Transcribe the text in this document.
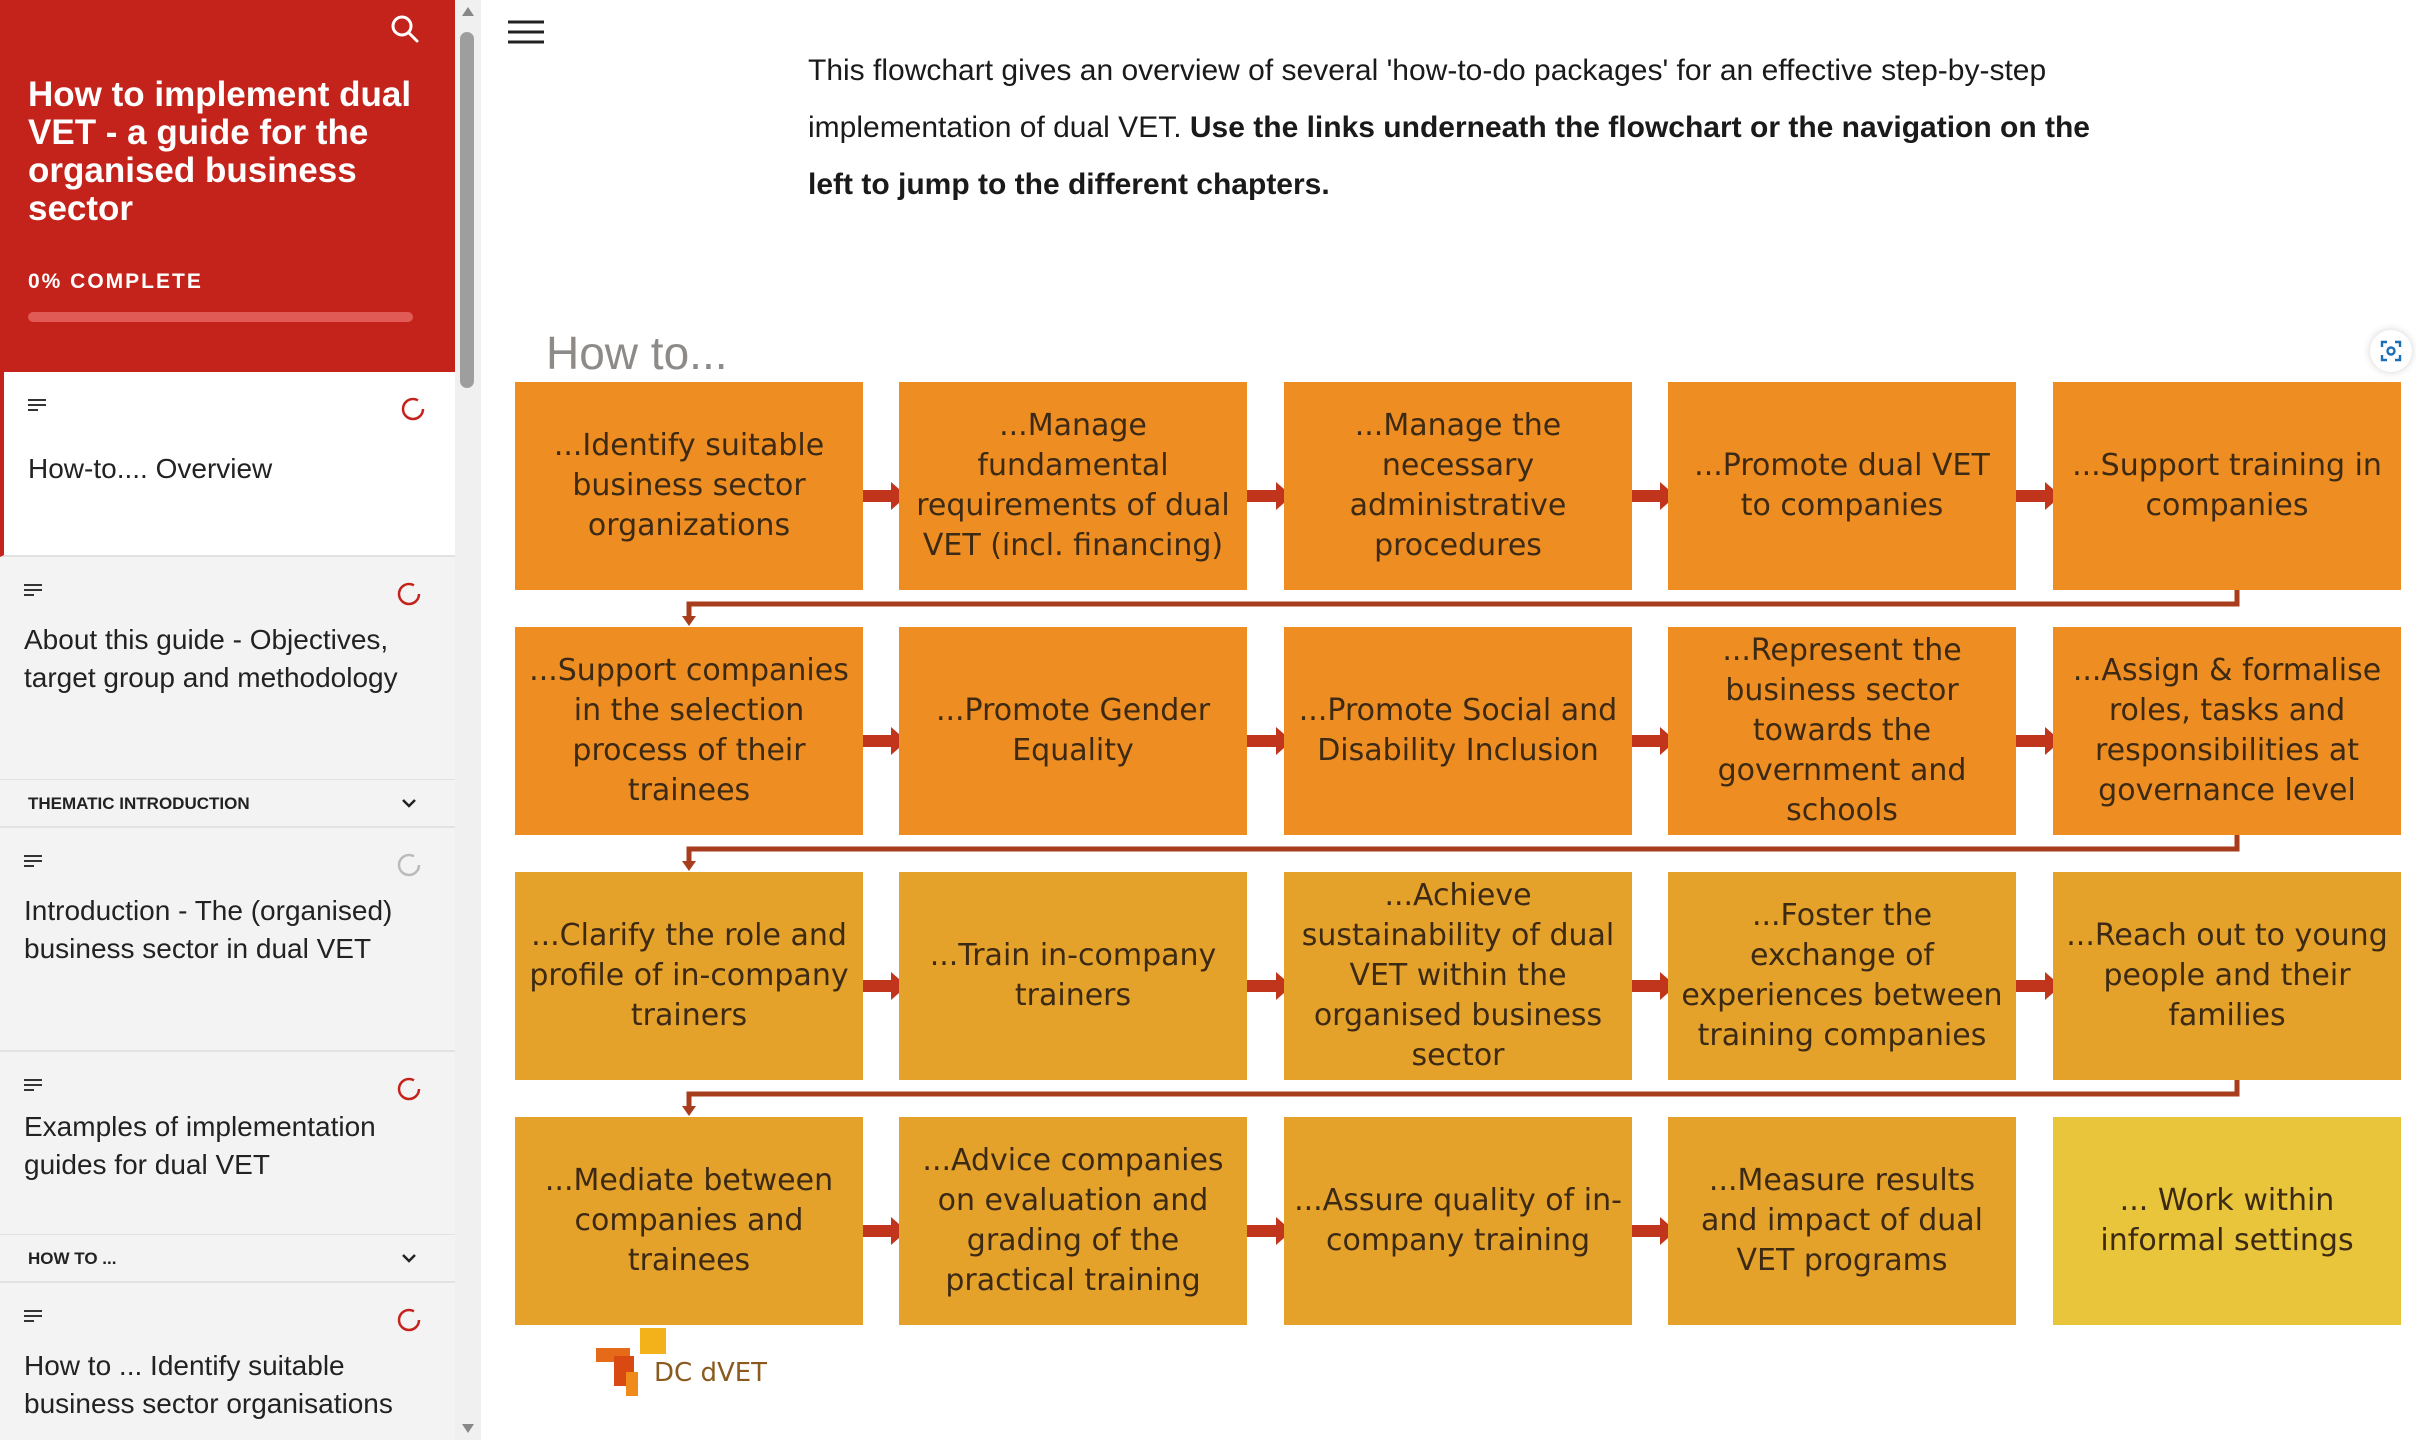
How to implement dual VET - a guide for the organised business sector
0% COMPLETE
How-to.... Overview
About this guide - Objectives, target group and methodology
THEMATIC INTRODUCTION
Introduction - The (organised) business sector in dual VET
Examples of implementation guides for dual VET
HOW TO ...
How to ... Identify suitable business sector organisations
This flowchart gives an overview of several 'how-to-do packages' for an effective step-by-step implementation of dual VET. Use the links underneath the flowchart or the navigation on the left to jump to the different chapters.
How to...
...Identify suitable business sector organizations
...Manage fundamental requirements of dual VET (incl. financing)
...Manage the necessary administrative procedures
...Promote dual VET to companies
...Support training in companies
...Support companies in the selection process of their trainees
...Promote Gender Equality
...Promote Social and Disability Inclusion
...Represent the business sector towards the government and schools
...Assign & formalise roles, tasks and responsibilities at governance level
...Clarify the role and profile of in-company trainers
...Train in-company trainers
...Achieve sustainability of dual VET within the organised business sector
...Foster the exchange of experiences between training companies
...Reach out to young people and their families
...Mediate between companies and trainees
...Advice companies on evaluation and grading of the practical training
...Assure quality of in-company training
...Measure results and impact of dual VET programs
... Work within informal settings
DC dVET
